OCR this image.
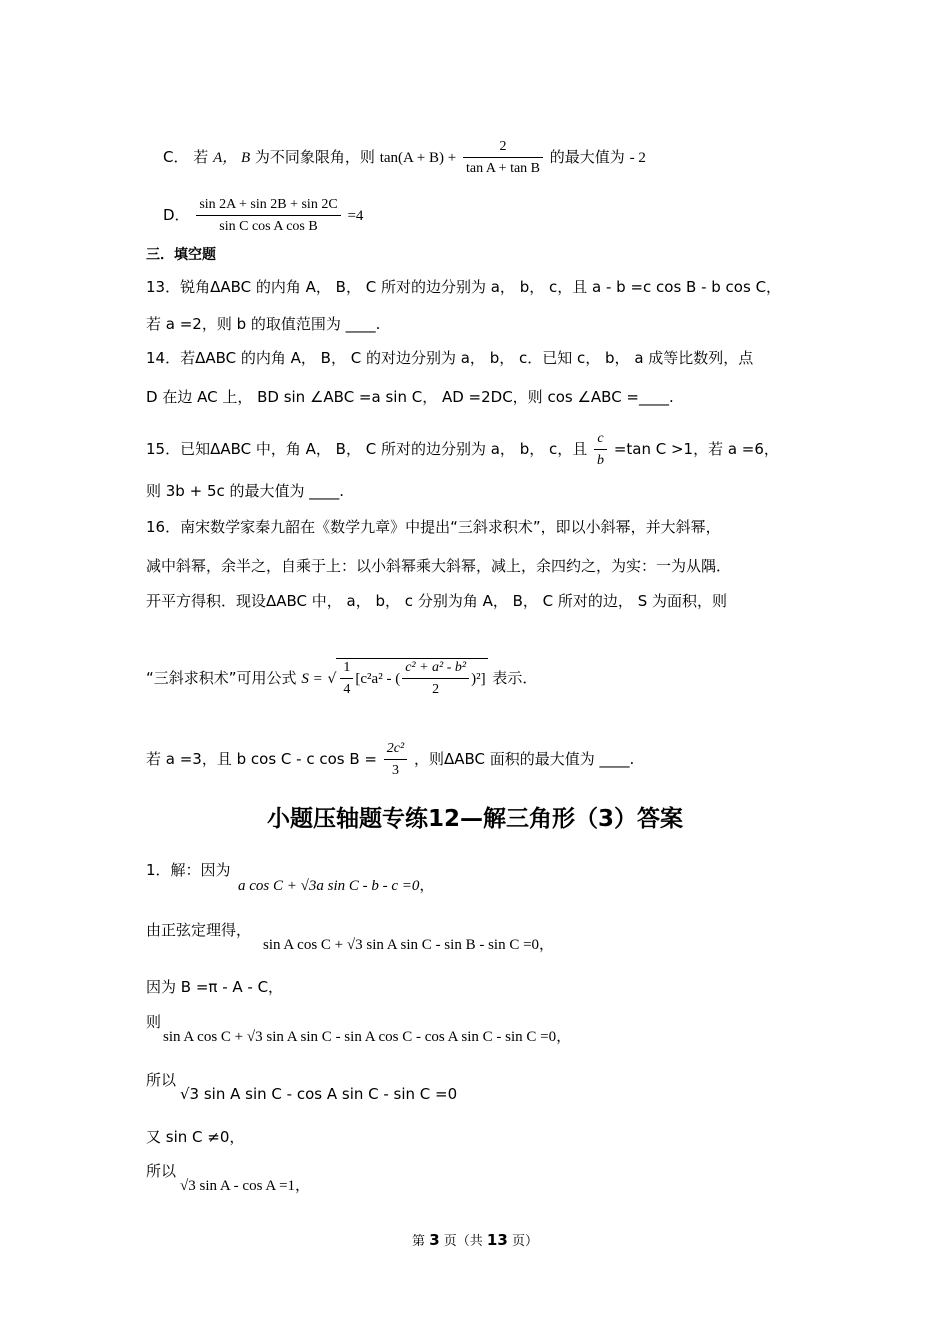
C． 若 A， B 为不同象限角，则 $\tan(A + B) + \frac{2}{\text{tan A + tan B}}$ 的最大值为 - 2
D． $\frac{\sin 2A + \sin 2B + \sin 2C}{\text{sin C cos A cos B}} =4$
三．填空题
13．锐角ΔABC 的内角 A， B， C 所对的边分别为 a， b， c，且 a - b =c cos B - b cos C，
若 a =2，则 b 的取值范围为 ____.
14．若ΔABC 的内角 A， B， C 的对边分别为 a， b， c．已知 c， b， a 成等比数列，点
D 在边 AC 上， BD sin ∠ABC =a sin C， AD =2DC，则 cos ∠ABC =____.
15．已知ΔABC 中，角 A， B， C 所对的边分别为 a， b， c，且 $\frac{c}{b} =\tan$ C >1，若 a =6，
则 3b + 5c 的最大值为 ____.
16．南宋数学家秦九韶在《数学九章》中提出“三斜求积术”，即以小斜幂，并大斜幂，
减中斜幂，余半之，自乘于上：以小斜幂乘大斜幂，减上，余四约之，为实：一为从隅．
开平方得积．现设ΔABC 中， a， b， c 分别为角 A， B， C 所对的边， S 为面积，则
“三斜求积术”可用公式 S = √ $\frac{1}{4} [c^2a^2$ - ( $\frac{\text{c² + a² - b²}}{2} )^2$] 表示．
若 a =3，且 b cos C - c $\cos B = \frac{\text{2c²}}{3}$ ，则ΔABC 面积的最大值为 ____.
小题压轴题专练12—解三角形（3）答案
1．解：因为
a cos C + √3a sin C - b - c =0，
由正弦定理得，
sin A cos C + √3 sin A sin C - sin B - sin C =0，
因为 B =π - A - C，
则
sin A cos C + √3 sin A sin C - sin A cos C - cos A sin C - sin C =0，
所以
√3 sin A sin C - cos A sin C - sin C =0
又 sin C ≠0，
所以
√3 sin A - cos A =1，
第 3 页（共 13 页）
